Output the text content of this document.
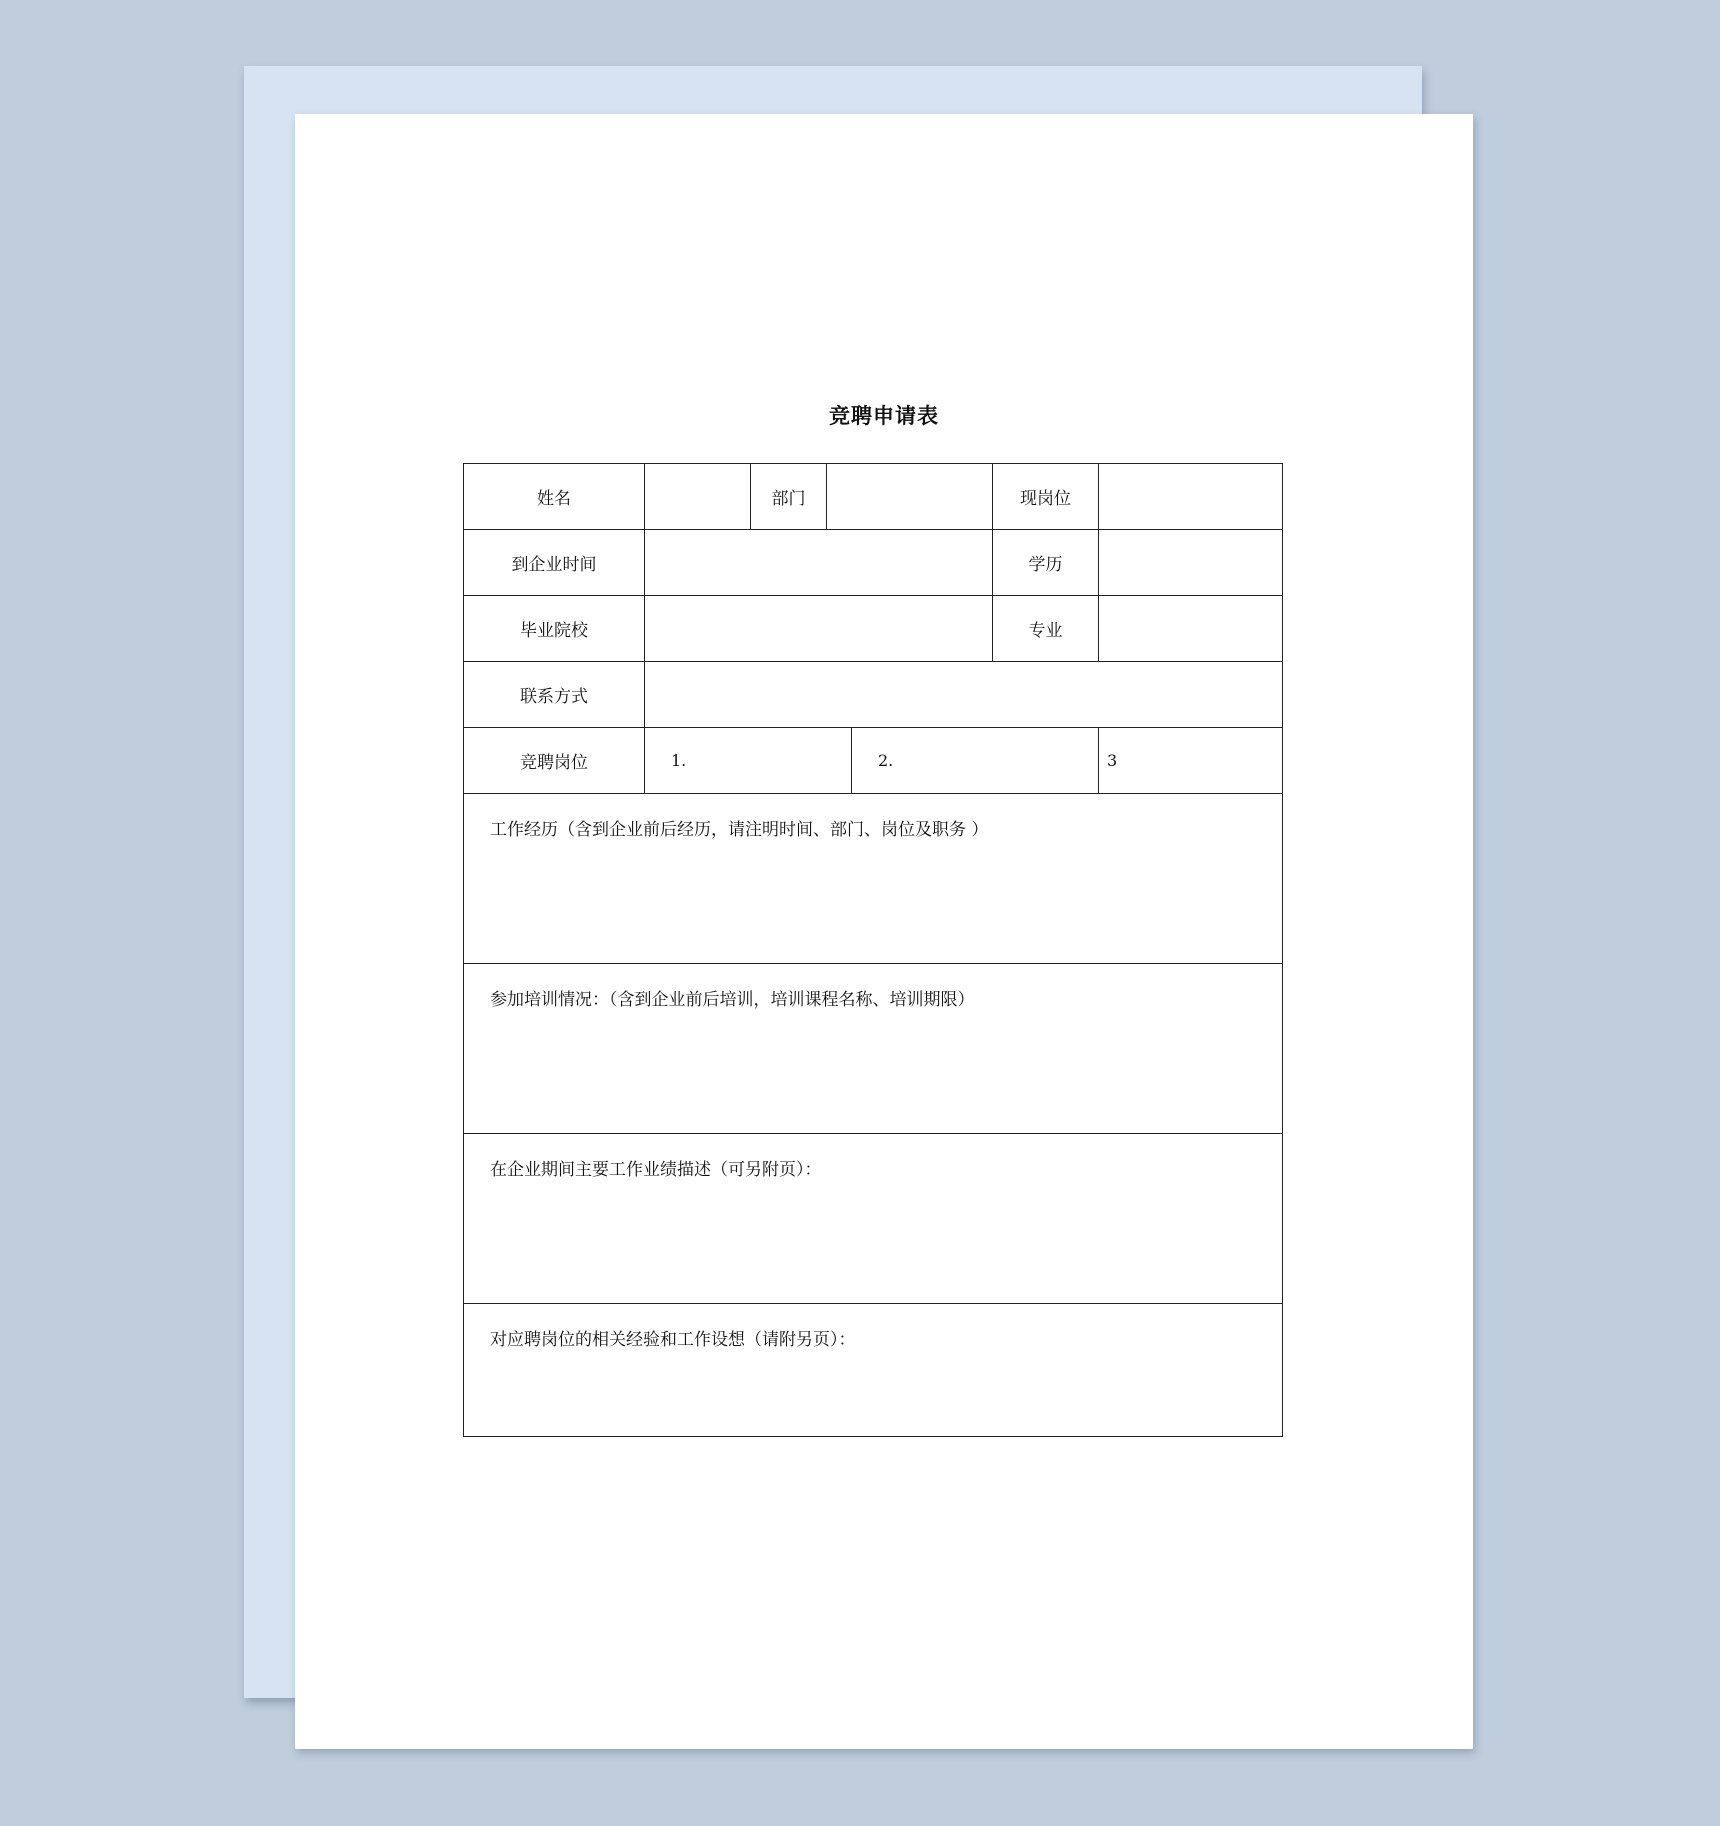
竞聘申请表
姓名		部门			现岗位	
到企业时间					学历	
毕业院校					专业	
联系方式						
竞聘岗位	1.			2.		3
工作经历（含到企业前后经历，请注明时间、部门、岗位及职务 ）						
参加培训情况：（含到企业前后培训，培训课程名称、培训期限）						
在企业期间主要工作业绩描述（可另附页）：						
对应聘岗位的相关经验和工作设想（请附另页）：						
